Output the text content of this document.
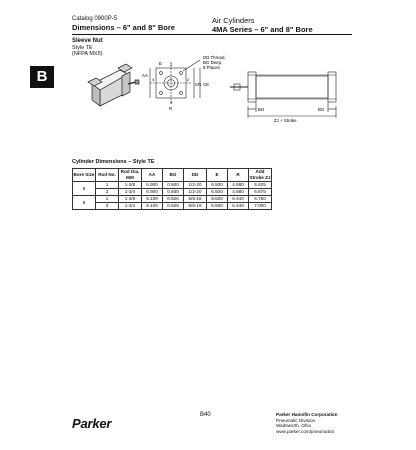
Catalog 0900P-5
Dimensions – 6" and 8" Bore
Air Cylinders
4MA Series – 6" and 8" Bore
B
Sleeve Nut
Style TE
(NFPA MX5)
DD Thread,
BG Deep,
8 Places
AA
CR CE
E
R
1
2
3
4
BG	BG
ZJ + Stroke
Cylinder Dimensions – Style TE
Bore Size	Rod No.	Rod Dia. MM	AA	BG	DD	E	R	Add Stroke ZJ
6	1	1-3/8	6.900	0.500	1/2-20	6.500	4.880	6.625
	3	1-3/4	6.900	0.500	1/2-20	6.500	4.880	6.875
8	1	1-3/8	9.100	0.626	5/8-18	8.500	6.440	6.750
	3	1-3/4	9.100	0.626	5/8-18	8.500	6.440	7.000
B40
Parker
Parker Hannifin Corporation
Pneumatic Division
Wadsworth, Ohio
www.parker.com/pneumatics
